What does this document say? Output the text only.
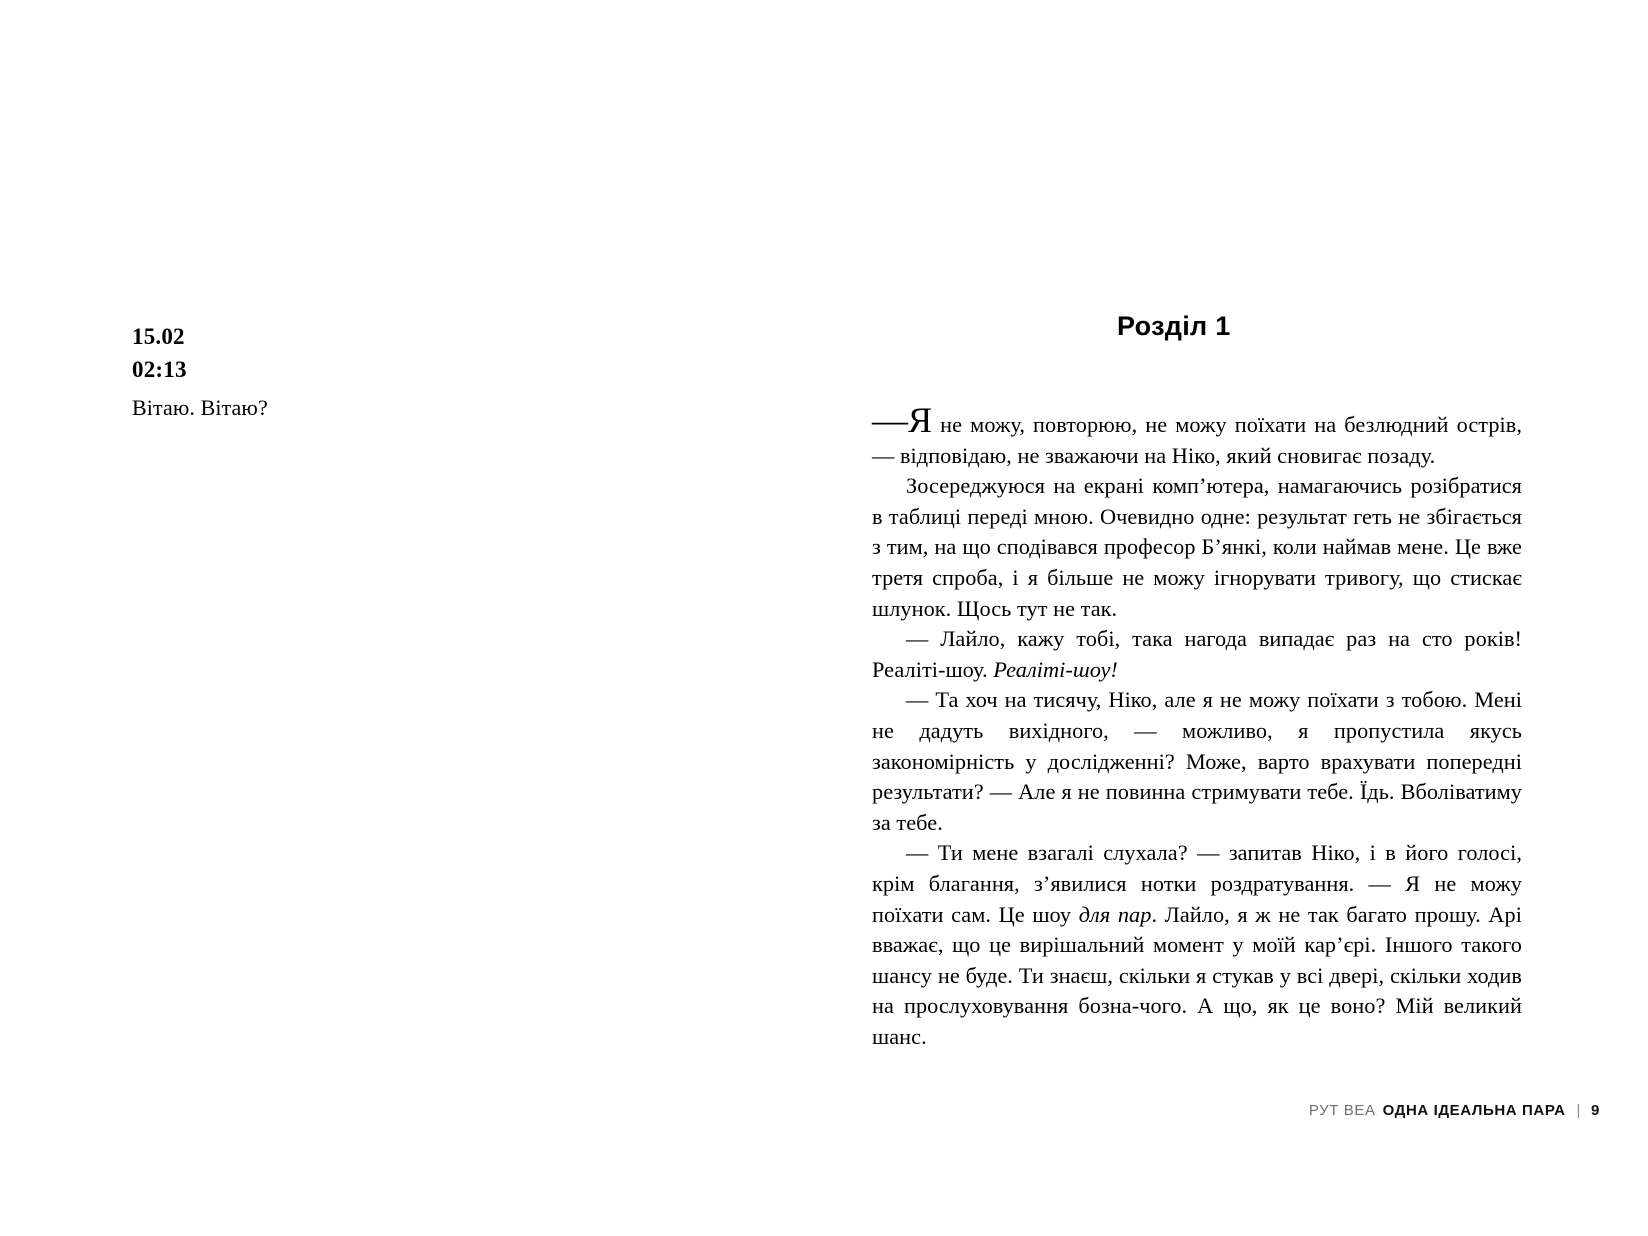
15.02
02:13
Вітаю. Вітаю?
Розділ 1

—Я не можу, повторюю, не можу поїхати на безлюдний острів, — відповідаю, не зважаючи на Ніко, який сновигає позаду.

Зосереджуюся на екрані комп’ютера, намагаючись розібратися в таблиці переді мною. Очевидно одне: результат геть не збігається з тим, на що сподівався професор Б’янкі, коли наймав мене. Це вже третя спроба, і я більше не можу ігнорувати тривогу, що стискає шлунок. Щось тут не так.

— Лайло, кажу тобі, така нагода випадає раз на сто років! Реаліті-шоу. Реаліті-шоу!

— Та хоч на тисячу, Ніко, але я не можу поїхати з тобою. Мені не дадуть вихідного, — можливо, я пропустила якусь закономірність у дослідженні? Може, варто врахувати попередні результати? — Але я не повинна стримувати тебе. Їдь. Вболіватиму за тебе.

— Ти мене взагалі слухала? — запитав Ніко, і в його голосі, крім благання, з’явилися нотки роздратування. — Я не можу поїхати сам. Це шоу для пар. Лайло, я ж не так багато прошу. Арі вважає, що це вирішальний момент у моїй кар’єрі. Іншого такого шансу не буде. Ти знаєш, скільки я стукав у всі двері, скільки ходив на прослуховування бозна-чого. А що, як це воно? Мій великий шанс.

РУТ ВЕА ОДНА ІДЕАЛЬНА ПАРА | 9
